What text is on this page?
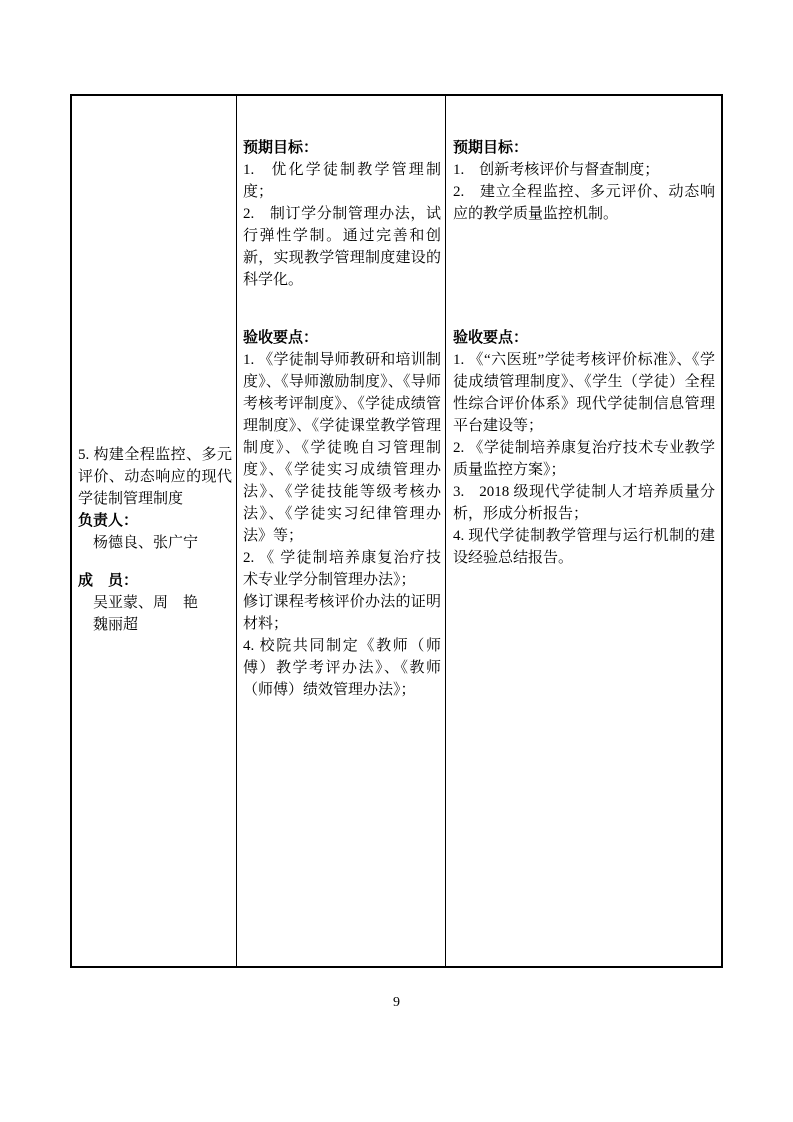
5. 构建全程监控、多元评价、动态响应的现代学徒制管理制度

负责人：

杨德良、张广宁

成　员：

吴亚蒙、周　艳

魏丽超

预期目标：

1. 优化学徒制教学管理制度；

2. 制订学分制管理办法，试行弹性学制。通过完善和创新，实现教学管理制度建设的科学化。

验收要点：

1. 《学徒制导师教研和培训制度》、《导师激励制度》、《导师考核考评制度》、《学徒成绩管理制度》、《学徒课堂教学管理制度》、《学徒晚自习管理制度》、《学徒实习成绩管理办法》、《学徒技能等级考核办法》、《学徒实习纪律管理办法》等；

2. 《 学徒制培养康复治疗技术专业学分制管理办法》；

修订课程考核评价办法的证明材料；

4. 校院共同制定《教师（师傅）教学考评办法》、《教师（师傅）绩效管理办法》；

预期目标：

1. 创新考核评价与督查制度；

2. 建立全程监控、多元评价、动态响应的教学质量监控机制。

验收要点：

1. 《“六医班”学徒考核评价标准》、《学徒成绩管理制度》、《学生（学徒）全程性综合评价体系》现代学徒制信息管理平台建设等；

2. 《学徒制培养康复治疗技术专业教学质量监控方案》；

3. 2018 级现代学徒制人才培养质量分析，形成分析报告；

4. 现代学徒制教学管理与运行机制的建设经验总结报告。

9
